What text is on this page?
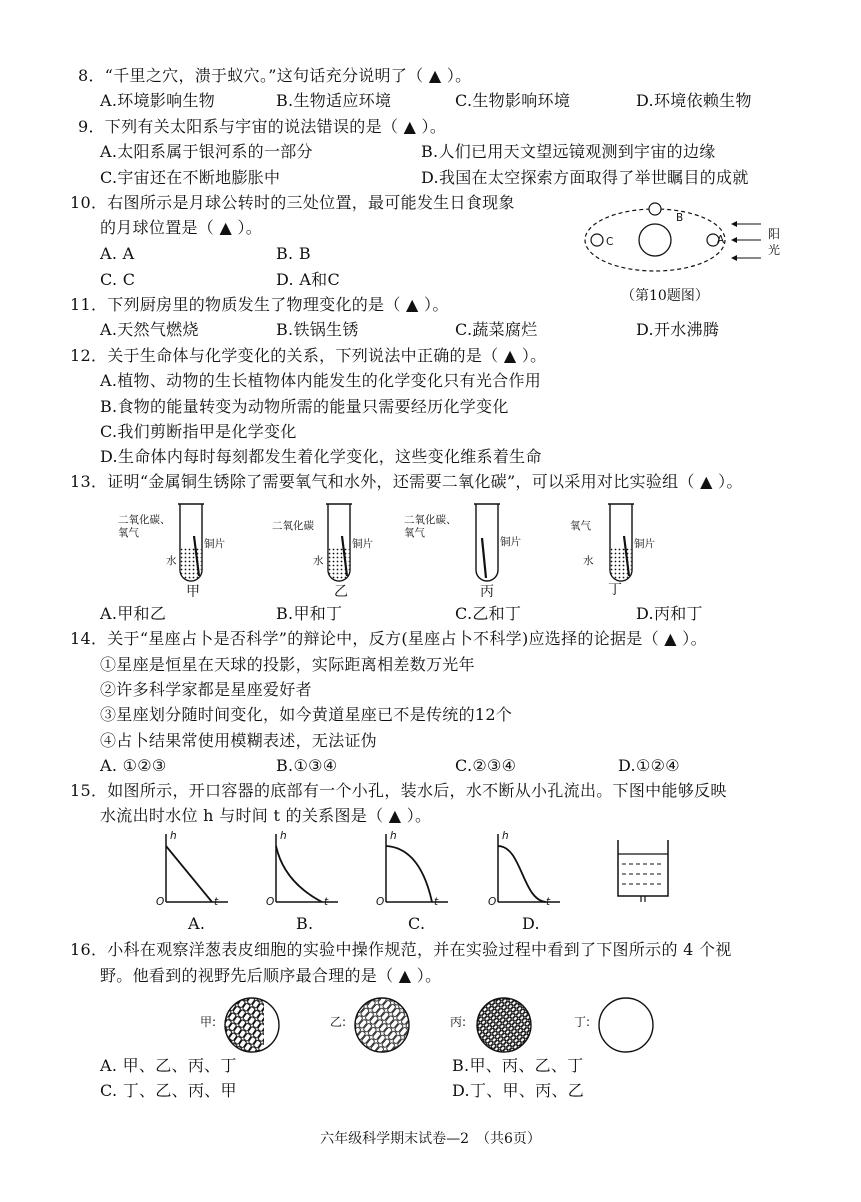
8．“千里之穴，溃于蚁穴。”这句话充分说明了（ ▲ ）。
A.环境影响生物	B.生物适应环境	C.生物影响环境	D.环境依赖生物
9．下列有关太阳系与宇宙的说法错误的是（ ▲ ）。
A.太阳系属于银河系的一部分	B.人们已用天文望远镜观测到宇宙的边缘
C.宇宙还在不断地膨胀中	D.我国在太空探索方面取得了举世瞩目的成就
10．右图所示是月球公转时的三处位置，最可能发生日食现象
的月球位置是（ ▲ ）。
A. A	B. B
C. C	D. A和C
B
C	A	阳
光
（第10题图）
11．下列厨房里的物质发生了物理变化的是（ ▲ ）。
A.天然气燃烧	B.铁锅生锈	C.蔬菜腐烂	D.开水沸腾
12．关于生命体与化学变化的关系，下列说法中正确的是（ ▲ ）。
A.植物、动物的生长植物体内能发生的化学变化只有光合作用
B.食物的能量转变为动物所需的能量只需要经历化学变化
C.我们剪断指甲是化学变化
D.生命体内每时每刻都发生着化学变化，这些变化维系着生命
13．证明“金属铜生锈除了需要氧气和水外，还需要二氧化碳”，可以采用对比实验组（ ▲ ）。
二氧化碳、
氧气
铜片
水
甲
二氧化碳
铜片
水
乙
二氧化碳、
氧气
铜片
丙
氧气
铜片
水
丁
A.甲和乙	B.甲和丁	C.乙和丁	D.丙和丁
14．关于“星座占卜是否科学”的辩论中，反方(星座占卜不科学)应选择的论据是（ ▲ ）。
①星座是恒星在天球的投影，实际距离相差数万光年
②许多科学家都是星座爱好者
③星座划分随时间变化，如今黄道星座已不是传统的12个
④占卜结果常使用模糊表述，无法证伪
A. ①②③	B.①③④	C.②③④	D.①②④
15．如图所示，开口容器的底部有一个小孔，装水后，水不断从小孔流出。下图中能够反映
水流出时水位 h 与时间 t 的关系图是（ ▲ ）。
h
O	t
h
O	t
h
O	t
h
O	t
A.	B.	C.	D.
16．小科在观察洋葱表皮细胞的实验中操作规范，并在实验过程中看到了下图所示的 4 个视
野。他看到的视野先后顺序最合理的是（ ▲ ）。
甲:	乙:	丙:	丁:
A. 甲、乙、丙、丁	B.甲、丙、乙、丁
C. 丁、乙、丙、甲	D.丁、甲、丙、乙
六年级科学期末试卷—2　（共6页）
